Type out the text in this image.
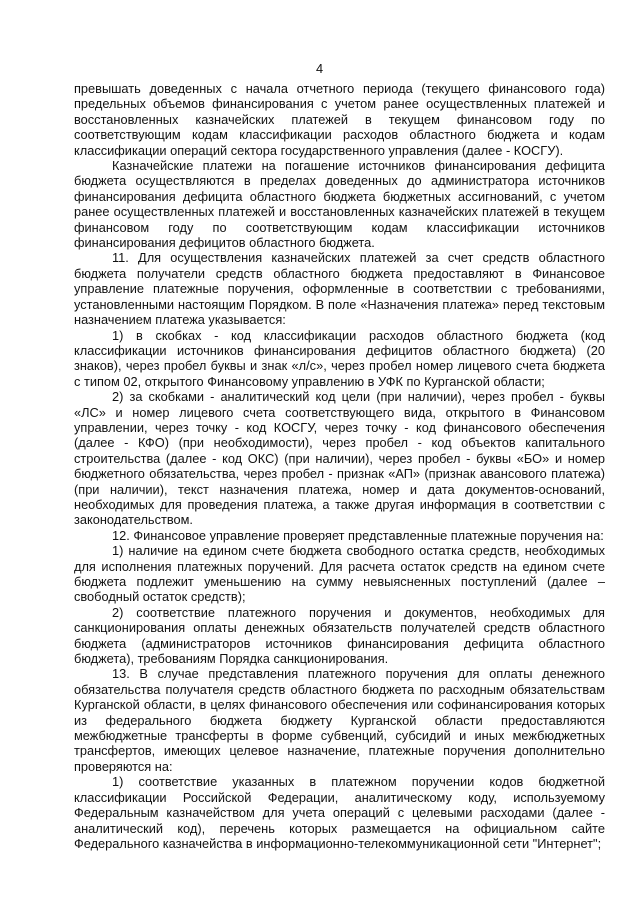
4

превышать доведенных с начала отчетного периода (текущего финансового года) предельных объемов финансирования с учетом ранее осуществленных платежей и восстановленных казначейских платежей в текущем финансовом году по соответствующим кодам классификации расходов областного бюджета и кодам классификации операций сектора государственного управления (далее - КОСГУ).

Казначейские платежи на погашение источников финансирования дефицита бюджета осуществляются в пределах доведенных до администратора источников финансирования дефицита областного бюджета бюджетных ассигнований, с учетом ранее осуществленных платежей и восстановленных казначейских платежей в текущем финансовом году по соответствующим кодам классификации источников финансирования дефицитов областного бюджета.

11. Для осуществления казначейских платежей за счет средств областного бюджета получатели средств областного бюджета предоставляют в Финансовое управление платежные поручения, оформленные в соответствии с требованиями, установленными настоящим Порядком. В поле «Назначения платежа» перед текстовым назначением платежа указывается:

1) в скобках - код классификации расходов областного бюджета (код классификации источников финансирования дефицитов областного бюджета) (20 знаков), через пробел буквы и знак «л/с», через пробел номер лицевого счета бюджета с типом 02, открытого Финансовому управлению в УФК по Курганской области;

2) за скобками - аналитический код цели (при наличии), через пробел - буквы «ЛС» и номер лицевого счета соответствующего вида, открытого в Финансовом управлении, через точку - код КОСГУ, через точку - код финансового обеспечения (далее - КФО) (при необходимости), через пробел - код объектов капитального строительства (далее - код ОКС) (при наличии), через пробел - буквы «БО» и номер бюджетного обязательства, через пробел - признак «АП» (признак авансового платежа) (при наличии), текст назначения платежа, номер и дата документов-оснований, необходимых для проведения платежа, а также другая информация в соответствии с законодательством.

12. Финансовое управление проверяет представленные платежные поручения на:

1) наличие на едином счете бюджета свободного остатка средств, необходимых для исполнения платежных поручений. Для расчета остаток средств на едином счете бюджета подлежит уменьшению на сумму невыясненных поступлений (далее – свободный остаток средств);

2) соответствие платежного поручения и документов, необходимых для санкционирования оплаты денежных обязательств получателей средств областного бюджета (администраторов источников финансирования дефицита областного бюджета), требованиям Порядка санкционирования.

13. В случае представления платежного поручения для оплаты денежного обязательства получателя средств областного бюджета по расходным обязательствам Курганской области, в целях финансового обеспечения или софинансирования которых из федерального бюджета бюджету Курганской области предоставляются межбюджетные трансферты в форме субвенций, субсидий и иных межбюджетных трансфертов, имеющих целевое назначение, платежные поручения дополнительно проверяются на:

1) соответствие указанных в платежном поручении кодов бюджетной классификации Российской Федерации, аналитическому коду, используемому Федеральным казначейством для учета операций с целевыми расходами (далее - аналитический код), перечень которых размещается на официальном сайте Федерального казначейства в информационно-телекоммуникационной сети "Интернет";
